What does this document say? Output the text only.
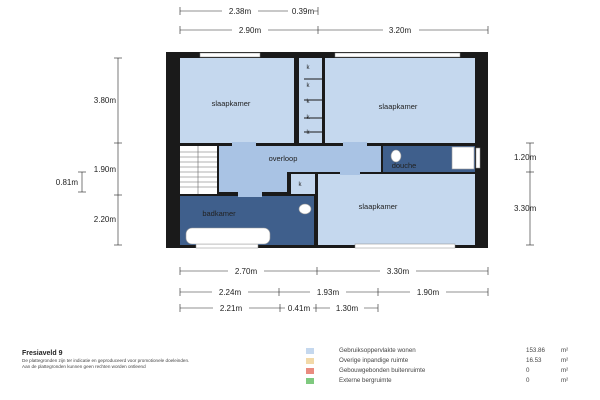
2.38m	0.39m
2.90m	3.20m
3.80m
1.90m
0.81m
2.20m
1.20m
3.30m
2.70m	3.30m
2.24m	1.93m	1.90m
2.21m	0.41m	1.30m
slaapkamer	slaapkamer
overloop
douche
badkamer
slaapkamer
k
k
k
k
k
k
Fresiaveld 9
De plattegronden zijn ter indicatie en geproduceerd voor promotionele doeleinden.
Aan de plattegronden kunnen geen rechten worden ontleend
Gebruiksoppervlakte wonen	153.86	m²
Overige inpandige ruimte	16.53	m²
Gebouwgebonden buitenruimte	0	m²
Externe bergruimte	0	m²
